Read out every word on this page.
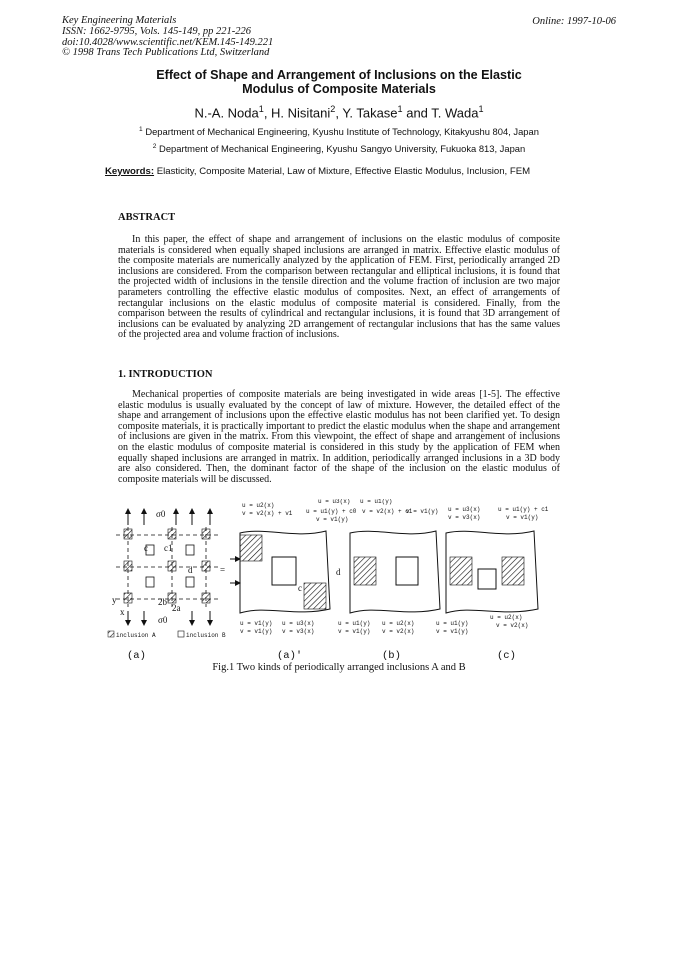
Key Engineering Materials
ISSN: 1662-9795, Vols. 145-149, pp 221-226
doi:10.4028/www.scientific.net/KEM.145-149.221
© 1998 Trans Tech Publications Ltd, Switzerland
Online: 1997-10-06
Effect of Shape and Arrangement of Inclusions on the Elastic
Modulus of Composite Materials
N.-A. Noda$^1$, H. Nisitani$^2$, Y. Takase$^1$ and T. Wada$^1$
$^1$ Department of Mechanical Engineering, Kyushu Institute of Technology, Kitakyushu 804, Japan
$^2$ Department of Mechanical Engineering, Kyushu Sangyo University, Fukuoka 813, Japan
Keywords: Elasticity, Composite Material, Law of Mixture, Effective Elastic Modulus, Inclusion, FEM
ABSTRACT
In this paper, the effect of shape and arrangement of inclusions on the elastic modulus of composite materials is considered when equally shaped inclusions are arranged in matrix. Effective elastic modulus of the composite materials are numerically analyzed by the application of FEM. First, periodically arranged 2D inclusions are considered. From the comparison between rectangular and elliptical inclusions, it is found that the projected width of inclusions in the tensile direction and the volume fraction of inclusion are two major parameters controlling the effective elastic modulus of composites. Next, an effect of arrangements of rectangular inclusions on the elastic modulus of composite material is considered. Finally, from the comparison between the results of cylindrical and rectangular inclusions, it is found that 3D arrangement of inclusions can be evaluated by analyzing 2D arrangement of rectangular inclusions that has the same values of the projected area and volume fraction of inclusions.
1. INTRODUCTION
Mechanical properties of composite materials are being investigated in wide areas [1-5]. The effective elastic modulus is usually evaluated by the concept of law of mixture. However, the detailed effect of the shape and arrangement of inclusions upon the effective elastic modulus has not been clarified yet. To design composite materials, it is practically important to predict the elastic modulus when the shape and arrangement of inclusions are given in the matrix. From this viewpoint, the effect of shape and arrangement of inclusions on the elastic modulus of composite material is considered in this study by the application of FEM when equally shaped inclusions are arranged in matrix. In addition, periodically arranged inclusions in a 3D body are also considered. Then, the dominant factor of the shape of the inclusion on the elastic modulus of composite materials will be discussed.
σ0
c c1
d
y
x
2b
2a
σ0
inclusion A	inclusion B
=
c
d
u = u2(x)
v = v2(x) + v1
v = v1(y)
u = v1(y)
v = v1(y)
u = u3(x)
v = v3(x)
u = u3(x) u = u1(y)
u = u1(y) + c0 v = v2(x) + c1
v = v1(y)
u = u1(y)
v = v1(y)
u = u2(x)
v = v2(x)
u = u3(x)
v = v3(x)
u = u1(y) + c1
v = v1(y)
u = u1(y)
v = v1(y)
u = u2(x)
v = v2(x)
(a)	(a)'	(b)	(c)
Fig.1 Two kinds of periodically arranged inclusions A and B
